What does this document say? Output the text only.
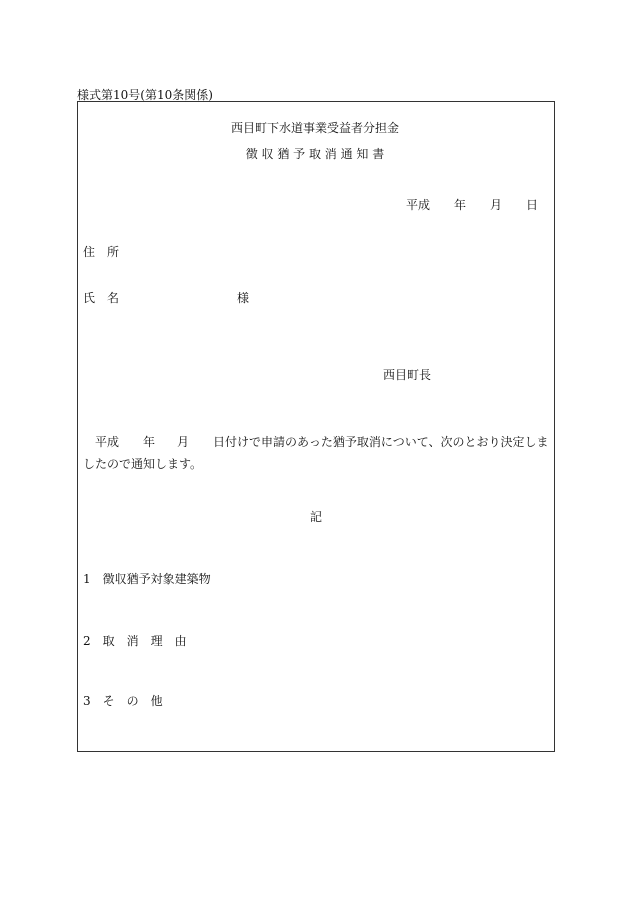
様式第10号(第10条関係)
西目町下水道事業受益者分担金
徴 収 猶 予 取 消 通 知 書
平成 年 月 日
住　所
氏　名	様
西目町長
平成 年 月 日付けで申請のあった猶予取消について、次のとおり決定しましたので通知します。
記
1　徴収猶予対象建築物
2　取　消　理　由
3　そ　の　他
